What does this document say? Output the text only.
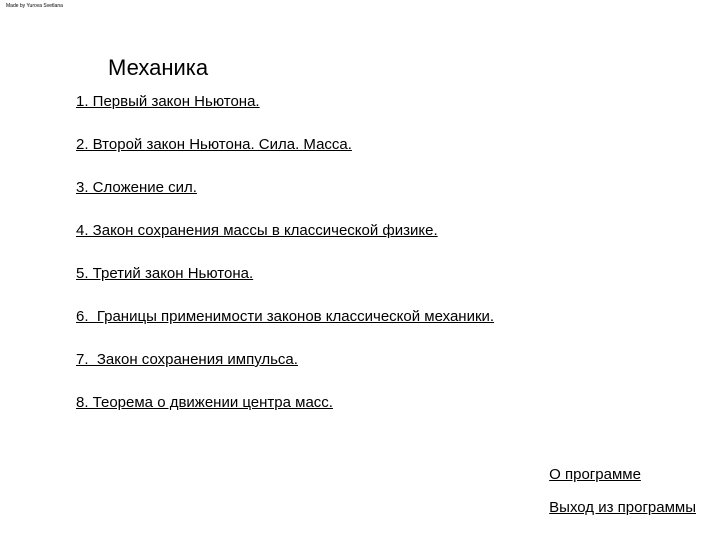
Made by Yurova Svetlana
Механика
1. Первый закон Ньютона.
2. Второй закон Ньютона. Сила. Масса.
3. Сложение сил.
4. Закон сохранения массы в классической физике.
5. Третий закон Ньютона.
6.  Границы применимости законов классической механики.
7.  Закон сохранения импульса.
8. Теорема о движении центра масс.
О программе
Выход из программы
